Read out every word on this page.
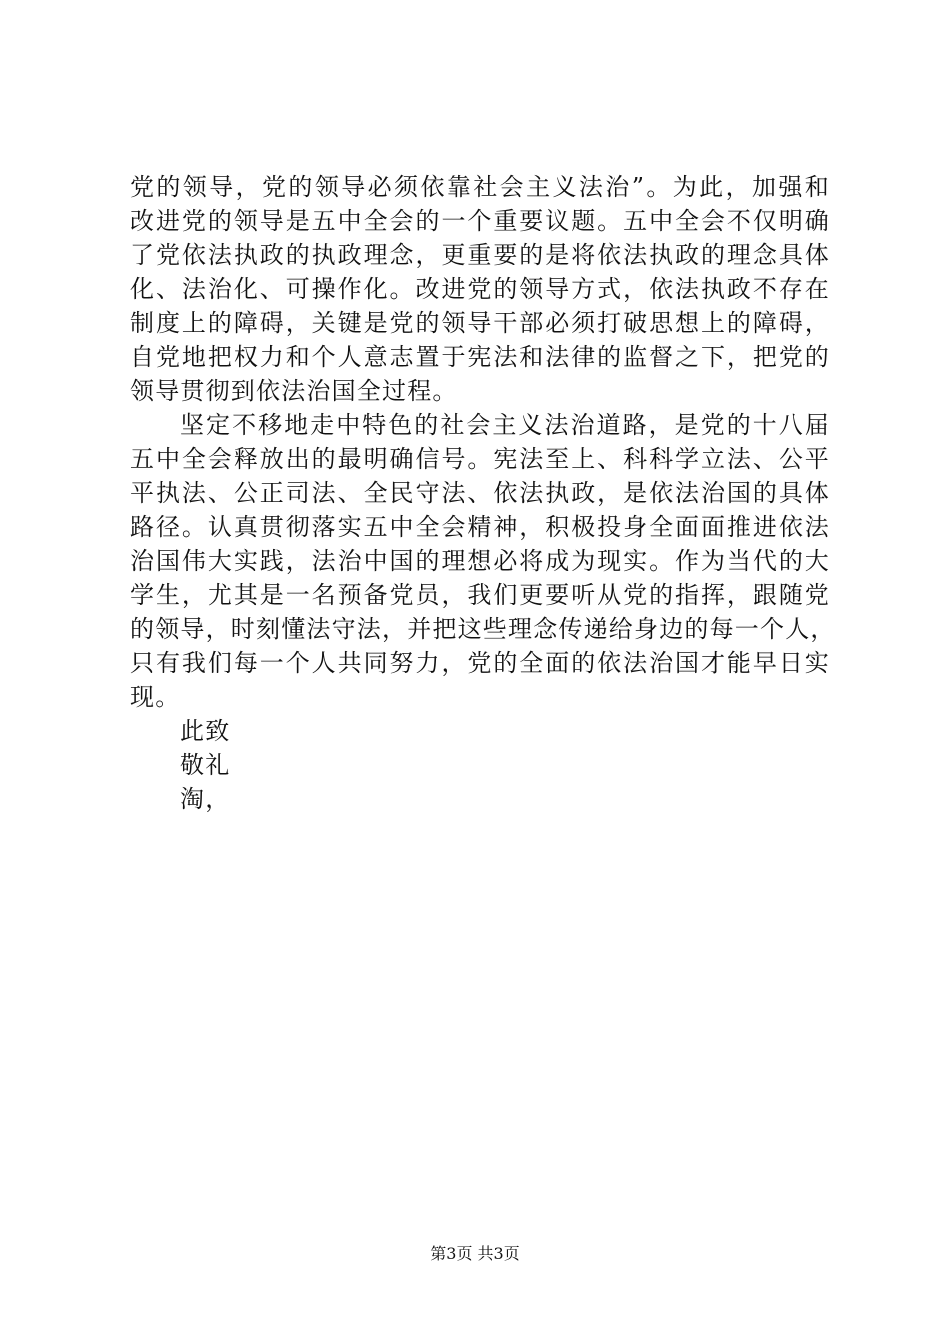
党的领导，党的领导必须依靠社会主义法治”。为此，加强和
改进党的领导是五中全会的一个重要议题。五中全会不仅明确
了党依法执政的执政理念，更重要的是将依法执政的理念具体
化、法治化、可操作化。改进党的领导方式，依法执政不存在
制度上的障碍，关键是党的领导干部必须打破思想上的障碍，
自党地把权力和个人意志置于宪法和法律的监督之下，把党的
领导贯彻到依法治国全过程。
坚定不移地走中特色的社会主义法治道路，是党的十八届
五中全会释放出的最明确信号。宪法至上、科科学立法、公平
平执法、公正司法、全民守法、依法执政，是依法治国的具体
路径。认真贯彻落实五中全会精神，积极投身全面面推进依法
治国伟大实践，法治中国的理想必将成为现实。作为当代的大
学生，尤其是一名预备党员，我们更要听从党的指挥，跟随党
的领导，时刻懂法守法，并把这些理念传递给身边的每一个人，
只有我们每一个人共同努力，党的全面的依法治国才能早日实
现。
此致
敬礼
淘，
第3页 共3页
